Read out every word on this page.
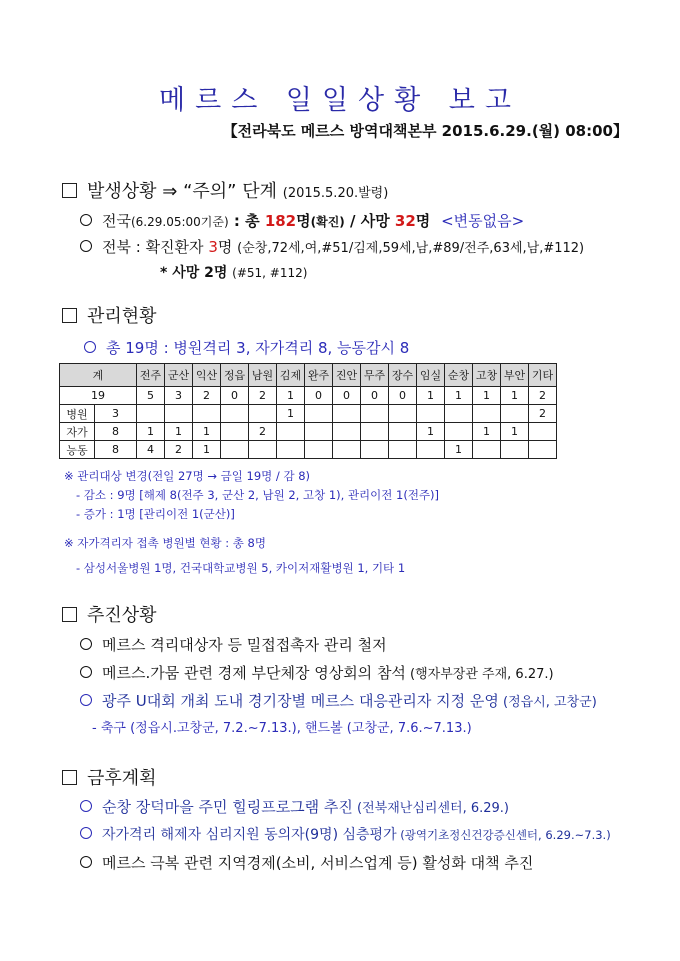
메르스 일일상황 보고
【전라북도 메르스 방역대책본부 2015.6.29.(월) 08:00】
발생상황 ⇒ “주의” 단계 (2015.5.20.발령)
전국(6.29.05:00기준) : 총 182명(확진) / 사망 32명 <변동없음>
전북 : 확진환자 3명 (순창,72세,여,#51/김제,59세,남,#89/전주,63세,남,#112)
* 사망 2명 (#51, #112)
관리현황
총 19명 : 병원격리 3, 자가격리 8, 능동감시 8
계		전주	군산	익산	정읍	남원	김제	완주	진안	무주	장수	임실	순창	고창	부안	기타
19		5	3	2	0	2	1	0	0	0	0	1	1	1	1	2
병원	3						1									2
자가	8	1	1	1		2						1		1	1	
능동	8	4	2	1									1			
※ 관리대상 변경(전일 27명 → 금일 19명 / 감 8)
- 감소 : 9명 [해제 8(전주 3, 군산 2, 남원 2, 고창 1), 관리이전 1(전주)]
- 증가 : 1명 [관리이전 1(군산)]
※ 자가격리자 접촉 병원별 현황 : 총 8명
- 삼성서울병원 1명, 건국대학교병원 5, 카이저재활병원 1, 기타 1
추진상황
메르스 격리대상자 등 밀접접촉자 관리 철저
메르스.가뭄 관련 경제 부단체장 영상회의 참석 (행자부장관 주재, 6.27.)
광주 U대회 개최 도내 경기장별 메르스 대응관리자 지정 운영 (정읍시, 고창군)
- 축구 (정읍시.고창군, 7.2.~7.13.), 핸드볼 (고창군, 7.6.~7.13.)
금후계획
순창 장덕마을 주민 힐링프로그램 추진 (전북재난심리센터, 6.29.)
자가격리 해제자 심리지원 동의자(9명) 심층평가 (광역기초정신건강증신센터, 6.29.~7.3.)
메르스 극복 관련 지역경제(소비, 서비스업계 등) 활성화 대책 추진
